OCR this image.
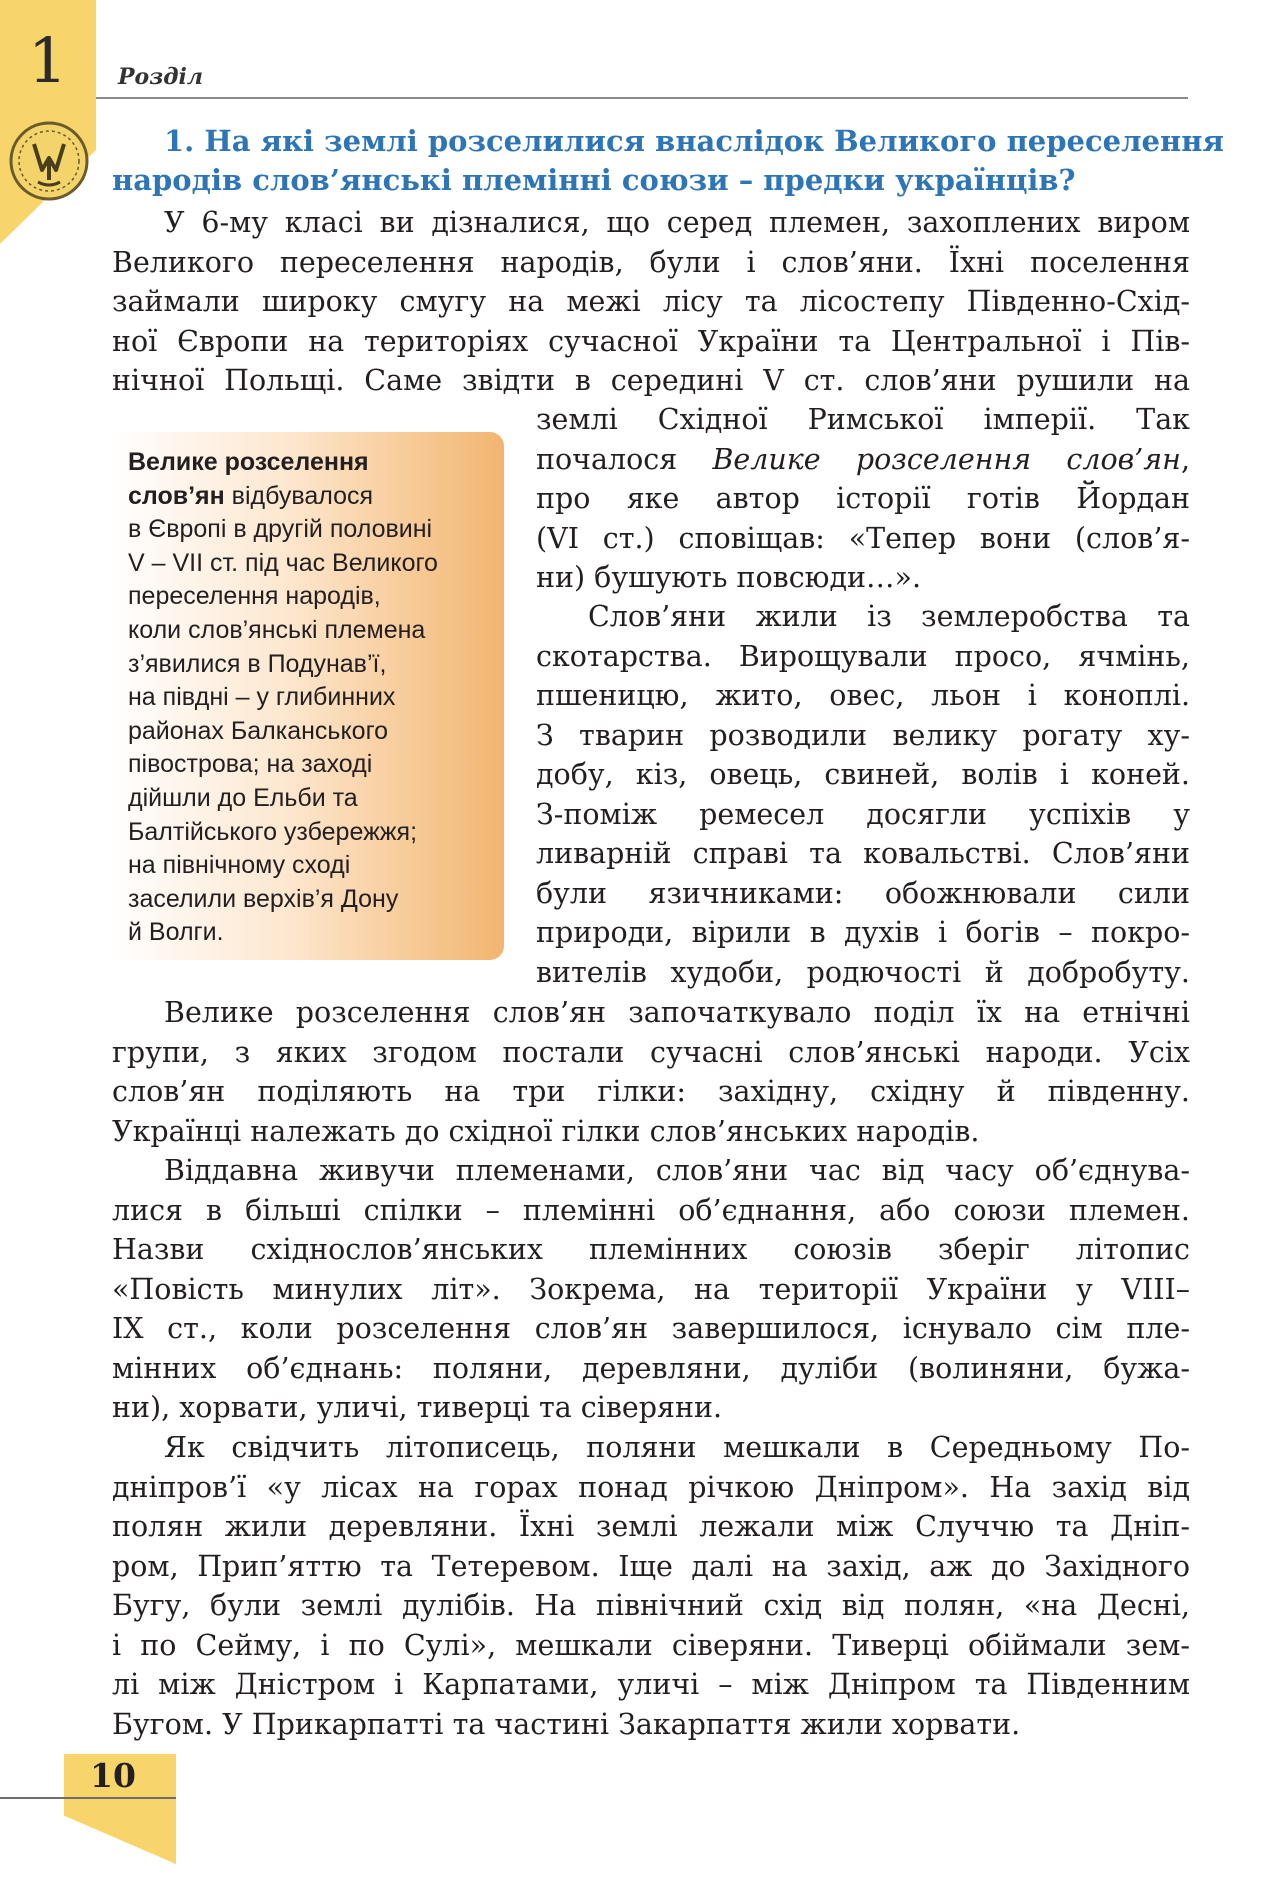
1 Розділ
1. На які землі розселилися внаслідок Великого переселення
народів слов’янські племінні союзи – предки українців?

У 6-му класі ви дізналися, що серед племен, захоплених виром

Великого переселення народів, були і слов’яни. Їхні поселення

займали широку смугу на межі лісу та лісостепу Південно-Схід-

ної Європи на територіях сучасної України та Центральної і Пів-

нічної Польщі. Саме звідти в середині V ст. слов’яни рушили на

землі Східної Римської імперії. Так

почалося Велике розселення слов’ян,

про яке автор історії готів Йордан

(VI ст.) сповіщав: «Тепер вони (слов’я-

ни) бушують повсюди…».

Слов’яни жили із землеробства та

скотарства. Вирощували просо, ячмінь,

пшеницю, жито, овес, льон і коноплі.

З тварин розводили велику рогату ху-

добу, кіз, овець, свиней, волів і коней.

З-поміж ремесел досягли успіхів у

ливарній справі та ковальстві. Слов’яни

були язичниками: обожнювали сили

природи, вірили в духів і богів – покро-

вителів худоби, родючості й добробуту.

Велике розселення
слов’ян відбувалося
в Європі в другій половині
V – VII ст. під час Великого
переселення народів,
коли слов’янські племена
з’явилися в Подунав’ї,
на півдні – у глибинних
районах Балканського
півострова; на заході
дійшли до Ельби та
Балтійського узбережжя;
на північному сході
заселили верхів’я Дону
й Волги.

Велике розселення слов’ян започаткувало поділ їх на етнічні

групи, з яких згодом постали сучасні слов’янські народи. Усіх

слов’ян поділяють на три гілки: західну, східну й південну.

Українці належать до східної гілки слов’янських народів.

Віддавна живучи племенами, слов’яни час від часу об’єднува-

лися в більші спілки – племінні об’єднання, або союзи племен.

Назви східнослов’янських племінних союзів зберіг літопис

«Повість минулих літ». Зокрема, на території України у VIII–

IX ст., коли розселення слов’ян завершилося, існувало сім пле-

мінних об’єднань: поляни, деревляни, дуліби (волиняни, бужа-

ни), хорвати, уличі, тиверці та сіверяни.

Як свідчить літописець, поляни мешкали в Середньому По-

дніпров’ї «у лісах на горах понад річкою Дніпром». На захід від

полян жили деревляни. Їхні землі лежали між Случчю та Дніп-

ром, Прип’яттю та Тетеревом. Іще далі на захід, аж до Західного

Бугу, були землі дулібів. На північний схід від полян, «на Десні,

і по Сейму, і по Сулі», мешкали сіверяни. Тиверці обіймали зем-

лі між Дністром і Карпатами, уличі – між Дніпром та Південним

Бугом. У Прикарпатті та частині Закарпаття жили хорвати.

10
